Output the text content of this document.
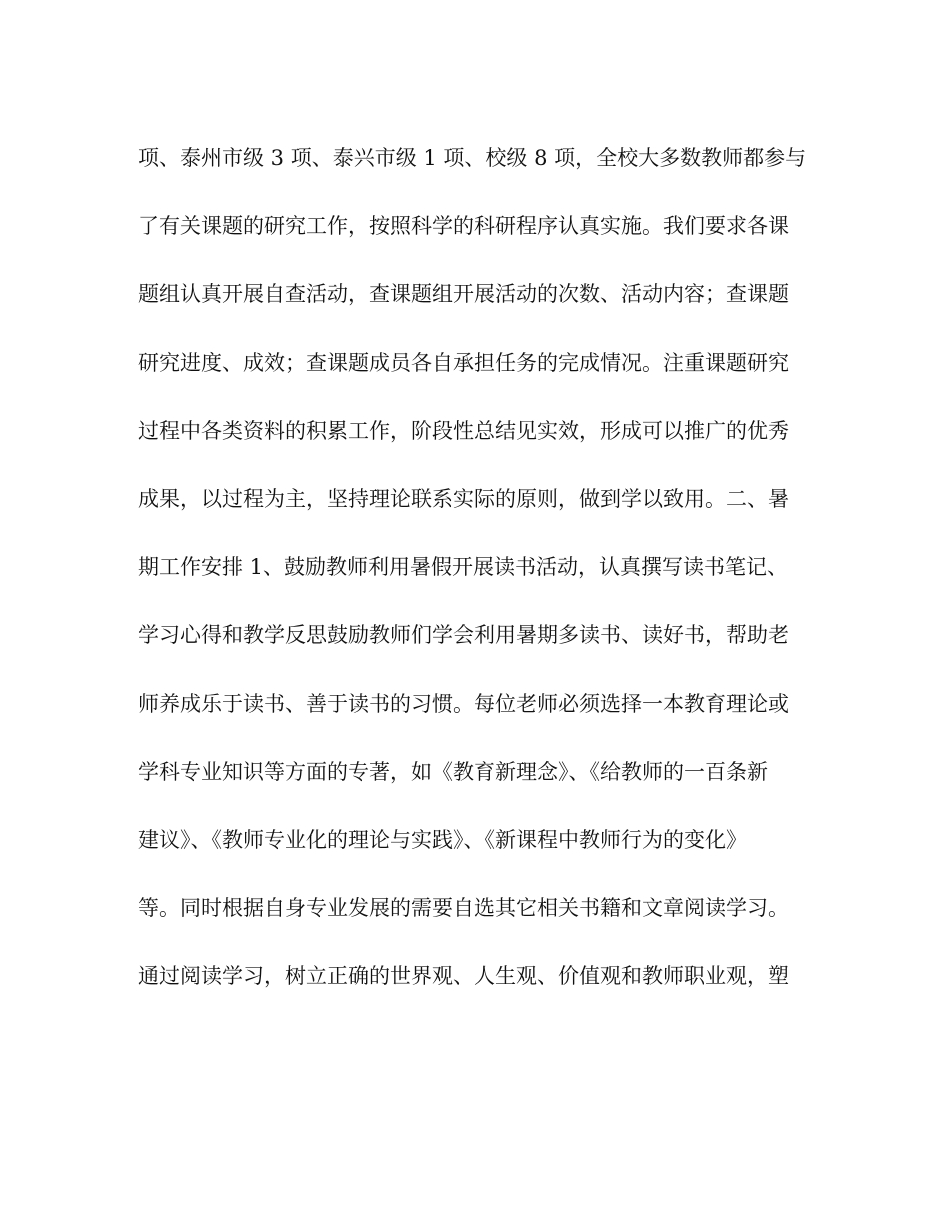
项、泰州市级 3 项、泰兴市级 1 项、校级 8 项，全校大多数教师都参与
了有关课题的研究工作，按照科学的科研程序认真实施。我们要求各课
题组认真开展自查活动，查课题组开展活动的次数、活动内容；查课题
研究进度、成效；查课题成员各自承担任务的完成情况。注重课题研究
过程中各类资料的积累工作，阶段性总结见实效，形成可以推广的优秀
成果，以过程为主，坚持理论联系实际的原则，做到学以致用。二、暑
期工作安排 1、鼓励教师利用暑假开展读书活动，认真撰写读书笔记、
学习心得和教学反思鼓励教师们学会利用暑期多读书、读好书，帮助老
师养成乐于读书、善于读书的习惯。每位老师必须选择一本教育理论或
学科专业知识等方面的专著，如《教育新理念》、《给教师的一百条新
建议》、《教师专业化的理论与实践》、《新课程中教师行为的变化》
等。同时根据自身专业发展的需要自选其它相关书籍和文章阅读学习。
通过阅读学习，树立正确的世界观、人生观、价值观和教师职业观，塑
